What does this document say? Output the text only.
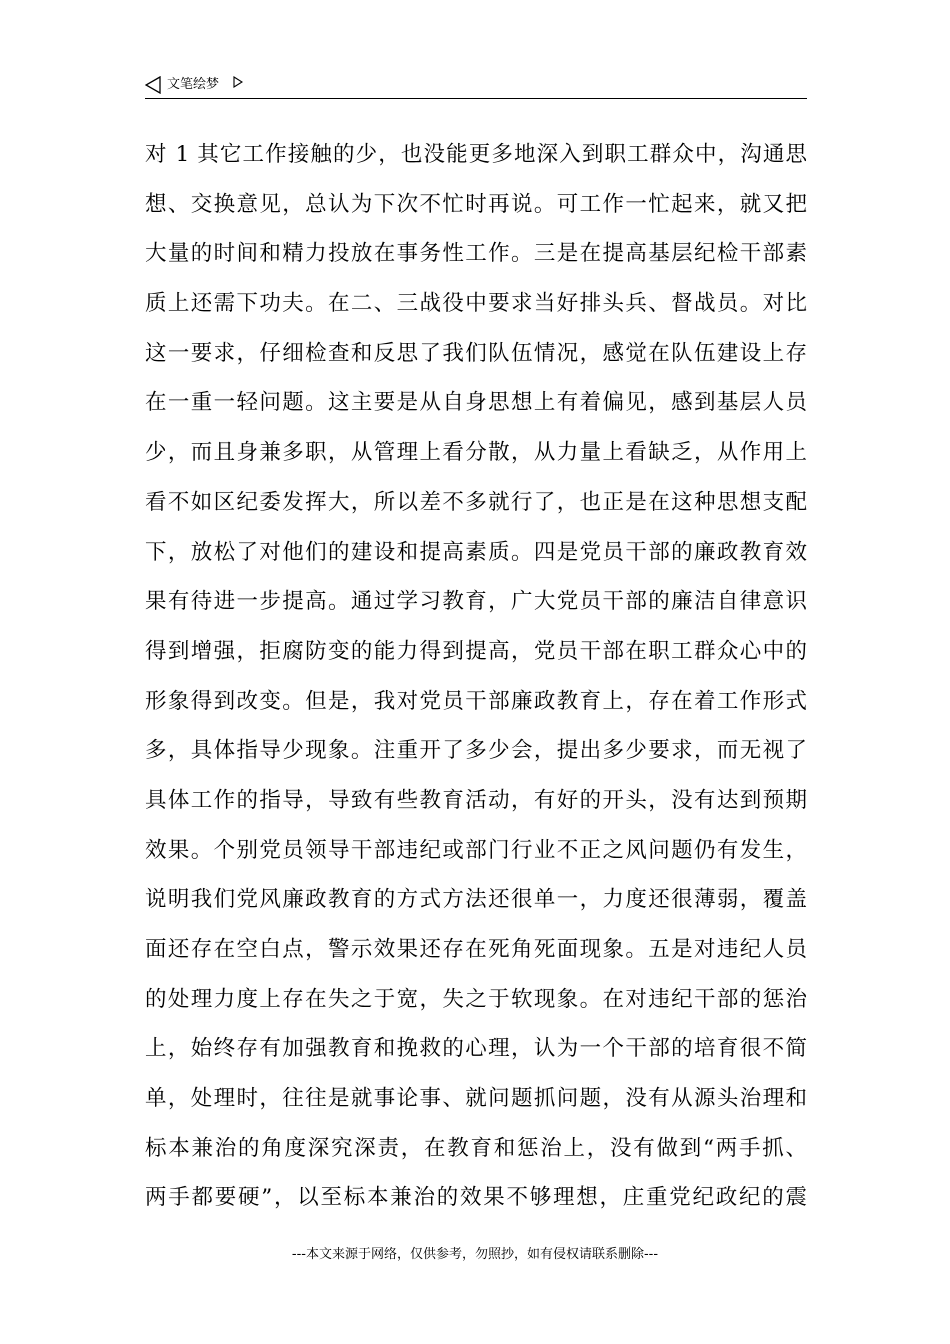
文笔绘梦
对 1 其它工作接触的少，也没能更多地深入到职工群众中，沟通思
想、交换意见，总认为下次不忙时再说。可工作一忙起来，就又把
大量的时间和精力投放在事务性工作。三是在提高基层纪检干部素
质上还需下功夫。在二、三战役中要求当好排头兵、督战员。对比
这一要求，仔细检查和反思了我们队伍情况，感觉在队伍建设上存
在一重一轻问题。这主要是从自身思想上有着偏见，感到基层人员
少，而且身兼多职，从管理上看分散，从力量上看缺乏，从作用上
看不如区纪委发挥大，所以差不多就行了，也正是在这种思想支配
下，放松了对他们的建设和提高素质。四是党员干部的廉政教育效
果有待进一步提高。通过学习教育，广大党员干部的廉洁自律意识
得到增强，拒腐防变的能力得到提高，党员干部在职工群众心中的
形象得到改变。但是，我对党员干部廉政教育上，存在着工作形式
多，具体指导少现象。注重开了多少会，提出多少要求，而无视了
具体工作的指导，导致有些教育活动，有好的开头，没有达到预期
效果。个别党员领导干部违纪或部门行业不正之风问题仍有发生，
说明我们党风廉政教育的方式方法还很单一，力度还很薄弱，覆盖
面还存在空白点，警示效果还存在死角死面现象。五是对违纪人员
的处理力度上存在失之于宽，失之于软现象。在对违纪干部的惩治
上，始终存有加强教育和挽救的心理，认为一个干部的培育很不简
单，处理时，往往是就事论事、就问题抓问题，没有从源头治理和
标本兼治的角度深究深责，在教育和惩治上，没有做到“两手抓、
两手都要硬”，以至标本兼治的效果不够理想，庄重党纪政纪的震
---本文来源于网络，仅供参考，勿照抄，如有侵权请联系删除---
